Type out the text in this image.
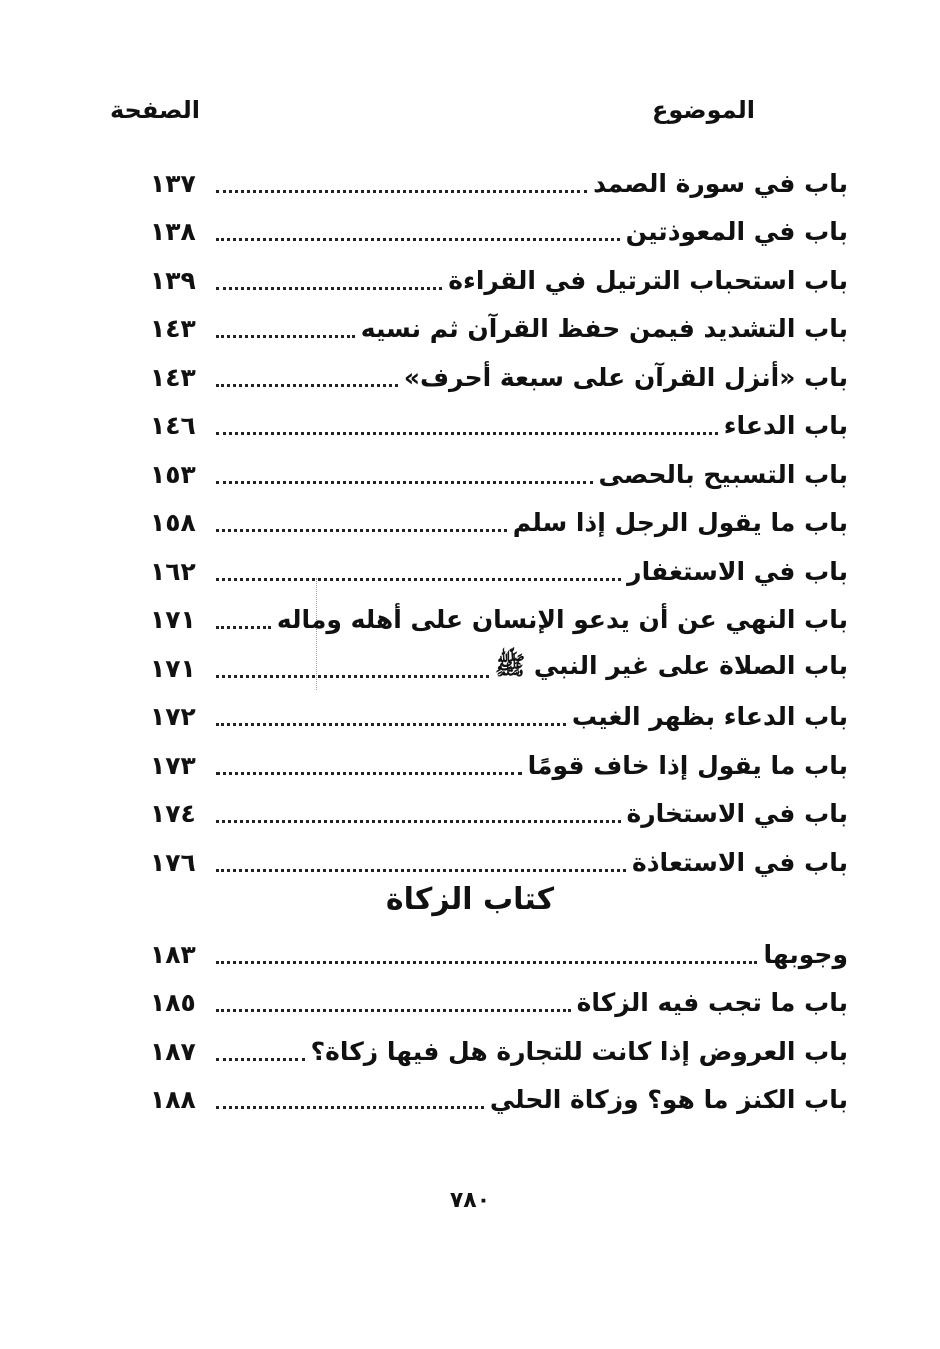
الموضوع
الصفحة
باب في سورة الصمد
١٣٧
باب في المعوذتين
١٣٨
باب استحباب الترتيل في القراءة
١٣٩
باب التشديد فيمن حفظ القرآن ثم نسيه
١٤٣
باب «أنزل القرآن على سبعة أحرف»
١٤٣
باب الدعاء
١٤٦
باب التسبيح بالحصى
١٥٣
باب ما يقول الرجل إذا سلم
١٥٨
باب في الاستغفار
١٦٢
باب النهي عن أن يدعو الإنسان على أهله وماله
١٧١
باب الصلاة على غير النبي ﷺ
١٧١
باب الدعاء بظهر الغيب
١٧٢
باب ما يقول إذا خاف قومًا
١٧٣
باب في الاستخارة
١٧٤
باب في الاستعاذة
١٧٦
كتاب الزكاة
وجوبها
١٨٣
باب ما تجب فيه الزكاة
١٨٥
باب العروض إذا كانت للتجارة هل فيها زكاة؟
١٨٧
باب الكنز ما هو؟ وزكاة الحلي
١٨٨
٧٨٠
